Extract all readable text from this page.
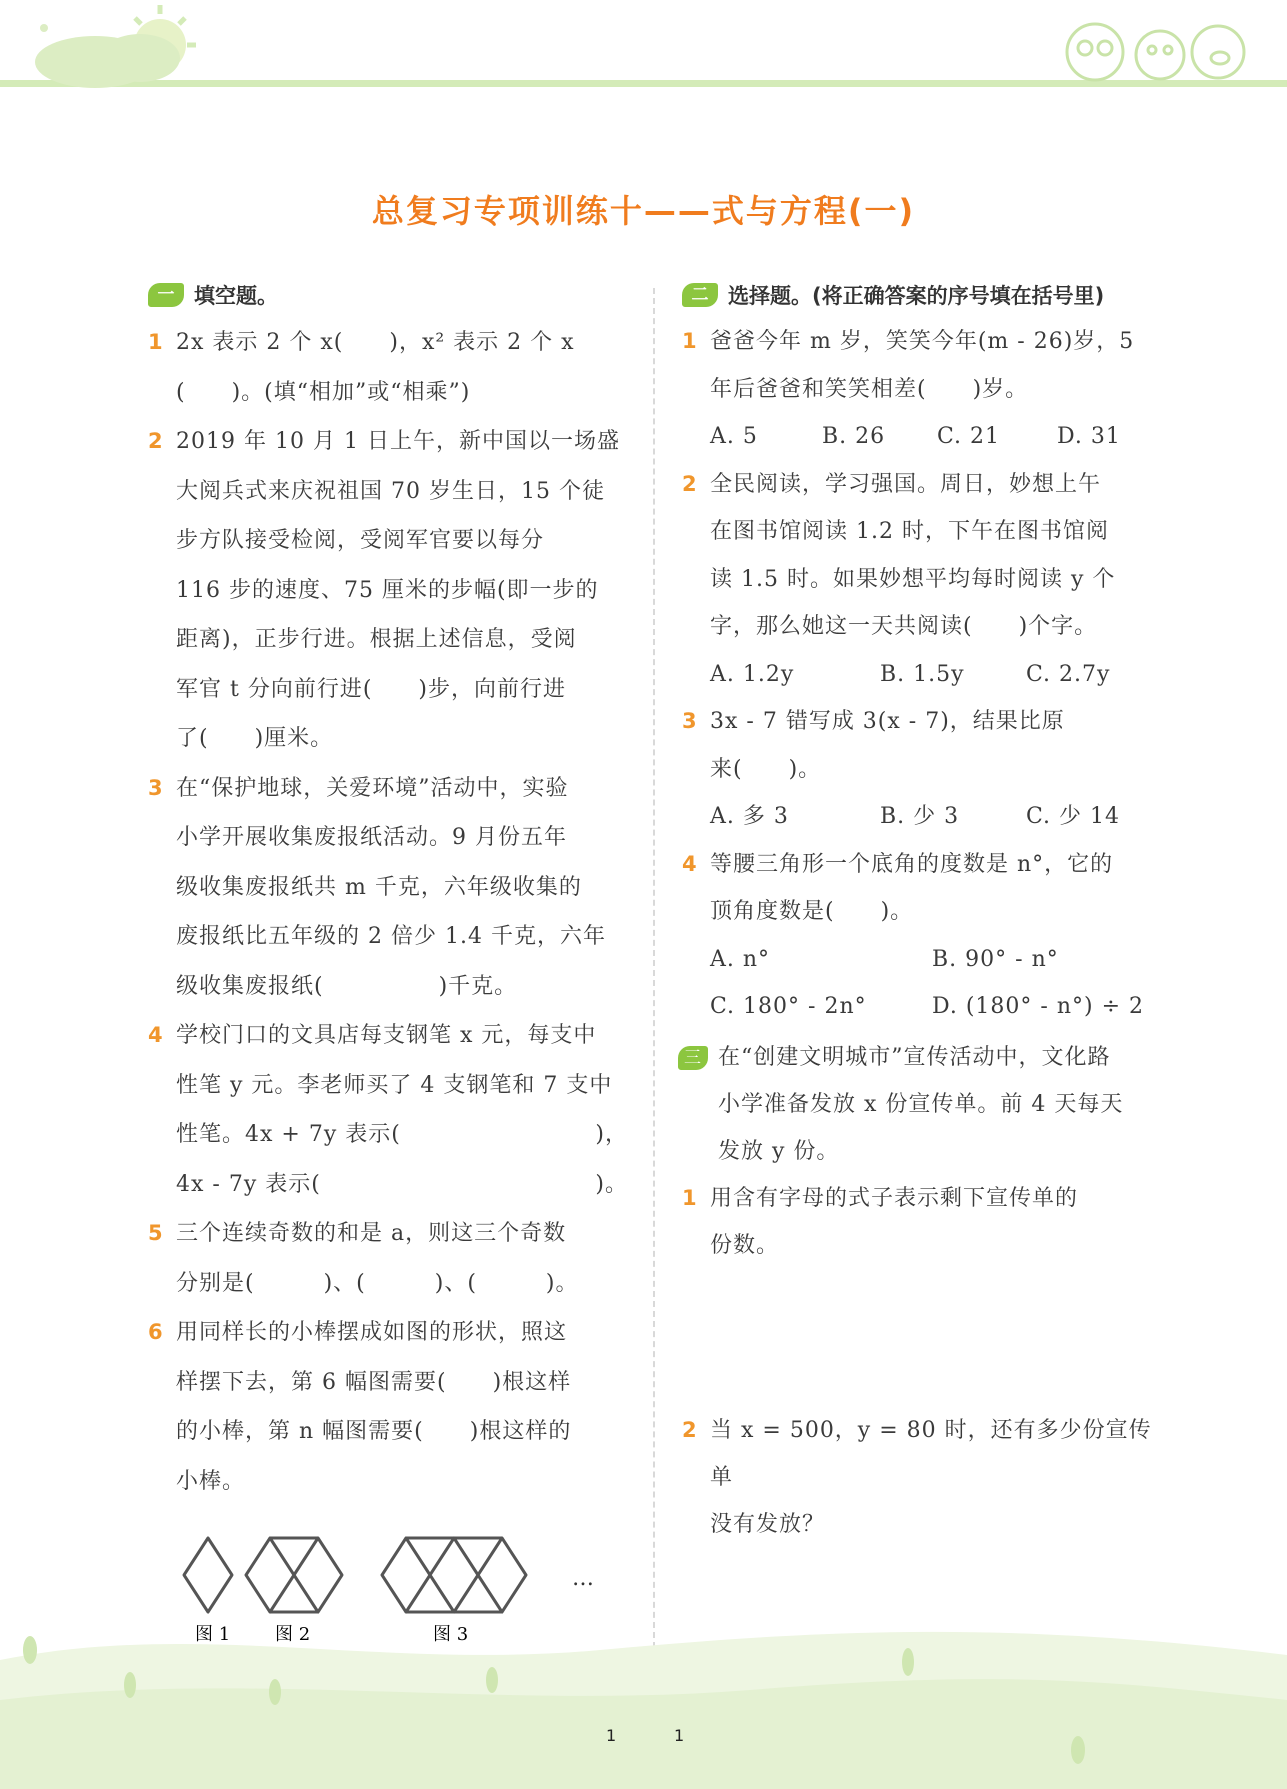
总复习专项训练十——式与方程(一)
一 填空题。
1 2x 表示 2 个 x(　　)，x² 表示 2 个 x
(　　)。(填“相加”或“相乘”)
2 2019 年 10 月 1 日上午，新中国以一场盛
大阅兵式来庆祝祖国 70 岁生日，15 个徒
步方队接受检阅，受阅军官要以每分
116 步的速度、75 厘米的步幅(即一步的
距离)，正步行进。根据上述信息，受阅
军官 t 分向前行进(　　)步，向前行进
了(　　)厘米。
3 在“保护地球，关爱环境”活动中，实验
小学开展收集废报纸活动。9 月份五年
级收集废报纸共 m 千克，六年级收集的
废报纸比五年级的 2 倍少 1.4 千克，六年
级收集废报纸(　　　　　)千克。
4 学校门口的文具店每支钢笔 x 元，每支中
性笔 y 元。李老师买了 4 支钢笔和 7 支中
性笔。4x + 7y 表示(	)，
4x - 7y 表示(	)。
5 三个连续奇数的和是 a，则这三个奇数
分别是(　　　)、(　　　)、(　　　)。
6 用同样长的小棒摆成如图的形状，照这
样摆下去，第 6 幅图需要(　　)根这样
的小棒，第 n 幅图需要(　　)根这样的
小棒。
…
图 1 图 2	图 3
二 选择题。(将正确答案的序号填在括号里)
1 爸爸今年 m 岁，笑笑今年(m - 26)岁，5
年后爸爸和笑笑相差(　　)岁。
A. 5	B. 26	C. 21	D. 31
2 全民阅读，学习强国。周日，妙想上午
在图书馆阅读 1.2 时，下午在图书馆阅
读 1.5 时。如果妙想平均每时阅读 y 个
字，那么她这一天共阅读(　　)个字。
A. 1.2y	B. 1.5y	C. 2.7y
3 3x - 7 错写成 3(x - 7)，结果比原
来(　　)。
A. 多 3	B. 少 3	C. 少 14
4 等腰三角形一个底角的度数是 n°，它的
顶角度数是(　　)。
A. n°	B. 90° - n°
C. 180° - 2n°	D. (180° - n°) ÷ 2
三 在“创建文明城市”宣传活动中，文化路
小学准备发放 x 份宣传单。前 4 天每天
发放 y 份。
1 用含有字母的式子表示剩下宣传单的
份数。
2 当 x = 500，y = 80 时，还有多少份宣传单
没有发放？
1	1
